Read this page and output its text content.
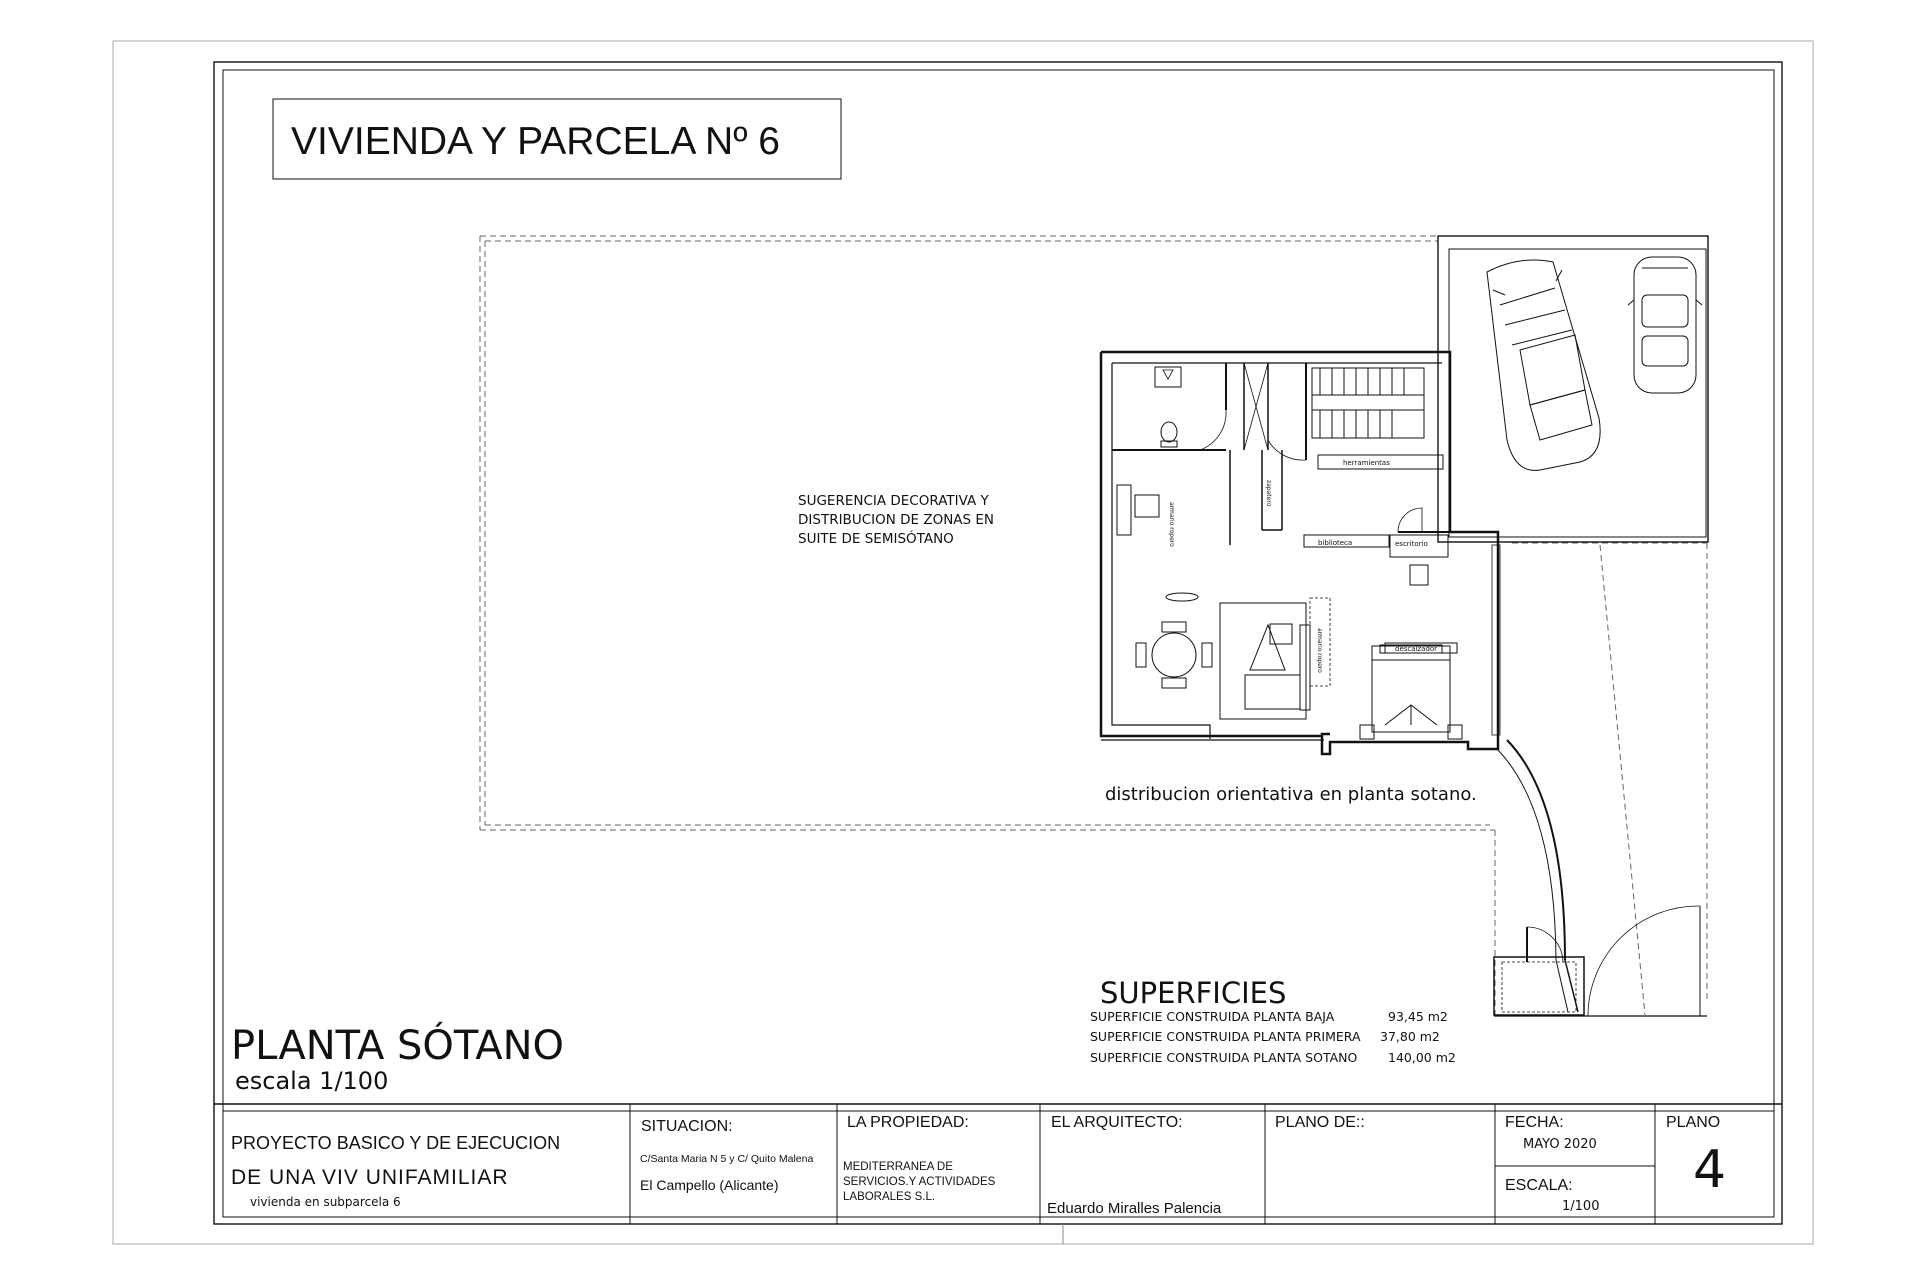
VIVIENDA Y PARCELA Nº 6
herramientas
biblioteca	escritorio
descalzador
armario ropero
zapatero
armario ropero
SUGERENCIA DECORATIVA Y
DISTRIBUCION DE ZONAS EN
SUITE DE SEMISÓTANO
distribucion orientativa en planta sotano.
SUPERFICIES
SUPERFICIE CONSTRUIDA PLANTA BAJA	93,45 m2
SUPERFICIE CONSTRUIDA PLANTA PRIMERA 37,80 m2
SUPERFICIE CONSTRUIDA PLANTA SOTANO 140,00 m2
PLANTA SÓTANO
escala 1/100
PROYECTO BASICO Y DE EJECUCION
DE UNA VIV UNIFAMILIAR
vivienda en subparcela 6
SITUACION:
C/Santa Maria N 5 y C/ Quito Malena
El Campello (Alicante)
LA PROPIEDAD:
MEDITERRANEA DE
SERVICIOS.Y ACTIVIDADES
LABORALES S.L.
EL ARQUITECTO:
Eduardo Miralles Palencia
PLANO DE::	FECHA:
MAYO 2020
ESCALA:
1/100
PLANO
4
